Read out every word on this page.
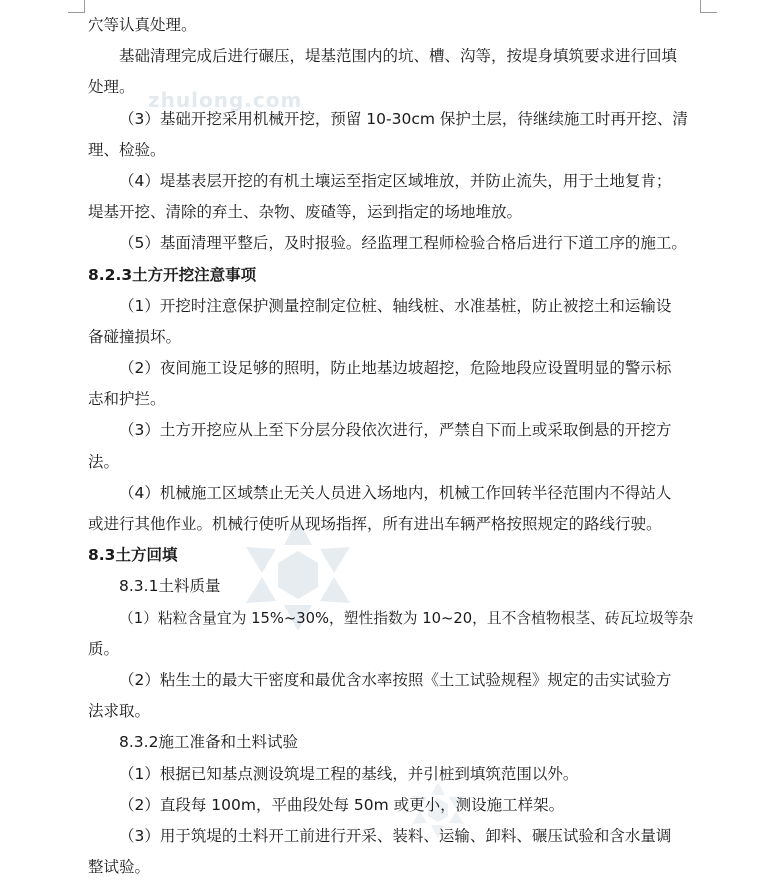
zhulong.com
穴等认真处理。
基础清理完成后进行碾压，堤基范围内的坑、槽、沟等，按堤身填筑要求进行回填
处理。
（3）基础开挖采用机械开挖，预留 10-30cm 保护土层，待继续施工时再开挖、清
理、检验。
（4）堤基表层开挖的有机土壤运至指定区域堆放，并防止流失，用于土地复肯；
堤基开挖、清除的弃土、杂物、废碴等，运到指定的场地堆放。
（5）基面清理平整后，及时报验。经监理工程师检验合格后进行下道工序的施工。
8.2.3土方开挖注意事项
（1）开挖时注意保护测量控制定位桩、轴线桩、水准基桩，防止被挖土和运输设
备碰撞损坏。
（2）夜间施工设足够的照明，防止地基边坡超挖，危险地段应设置明显的警示标
志和护拦。
（3）土方开挖应从上至下分层分段依次进行，严禁自下而上或采取倒悬的开挖方
法。
（4）机械施工区域禁止无关人员进入场地内，机械工作回转半径范围内不得站人
或进行其他作业。机械行使听从现场指挥，所有进出车辆严格按照规定的路线行驶。
8.3土方回填
8.3.1土料质量
（1）粘粒含量宜为 15%~30%，塑性指数为 10~20，且不含植物根茎、砖瓦垃圾等杂
质。
（2）粘生土的最大干密度和最优含水率按照《土工试验规程》规定的击实试验方
法求取。
8.3.2施工准备和土料试验
（1）根据已知基点测设筑堤工程的基线，并引桩到填筑范围以外。
（2）直段每 100m，平曲段处每 50m 或更小，测设施工样架。
（3）用于筑堤的土料开工前进行开采、装料、运输、卸料、碾压试验和含水量调
整试验。
